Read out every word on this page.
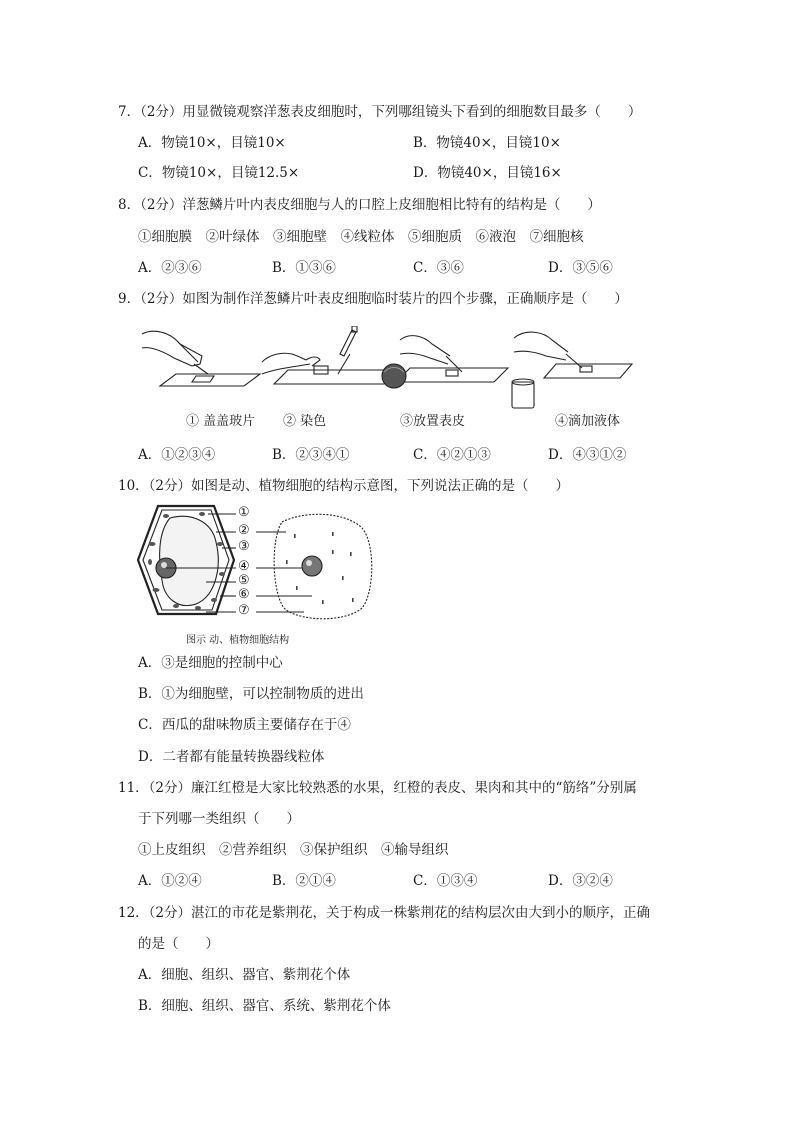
7．（2分）用显微镜观察洋葱表皮细胞时，下列哪组镜头下看到的细胞数目最多（　　）
A．物镜10×，目镜10×	B．物镜40×，目镜10×
C．物镜10×，目镜12.5×	D．物镜40×，目镜16×
8．（2分）洋葱鳞片叶内表皮细胞与人的口腔上皮细胞相比特有的结构是（　　）
①细胞膜　②叶绿体　③细胞壁　④线粒体　⑤细胞质　⑥液泡　⑦细胞核
A．②③⑥	B．①③⑥	C．③⑥	D．③⑤⑥
9．（2分）如图为制作洋葱鳞片叶表皮细胞临时装片的四个步骤，正确顺序是（　　）
① 盖盖玻片 ② 染色	③放置表皮	④滴加液体
A．①②③④	B．②③④①	C．④②①③	D．④③①②
10．（2分）如图是动、植物细胞的结构示意图，下列说法正确的是（　　）
①
②
③
④
⑤
⑥
⑦
图示 动、植物细胞结构
A．③是细胞的控制中心
B．①为细胞壁，可以控制物质的进出
C．西瓜的甜味物质主要储存在于④
D．二者都有能量转换器线粒体
11．（2分）廉江红橙是大家比较熟悉的水果，红橙的表皮、果肉和其中的“筋络”分别属
于下列哪一类组织（　　）
①上皮组织　②营养组织　③保护组织　④输导组织
A．①②④	B．②①④	C．①③④	D．③②④
12．（2分）湛江的市花是紫荆花，关于构成一株紫荆花的结构层次由大到小的顺序，正确
的是（　　）
A．细胞、组织、器官、紫荆花个体
B．细胞、组织、器官、系统、紫荆花个体
